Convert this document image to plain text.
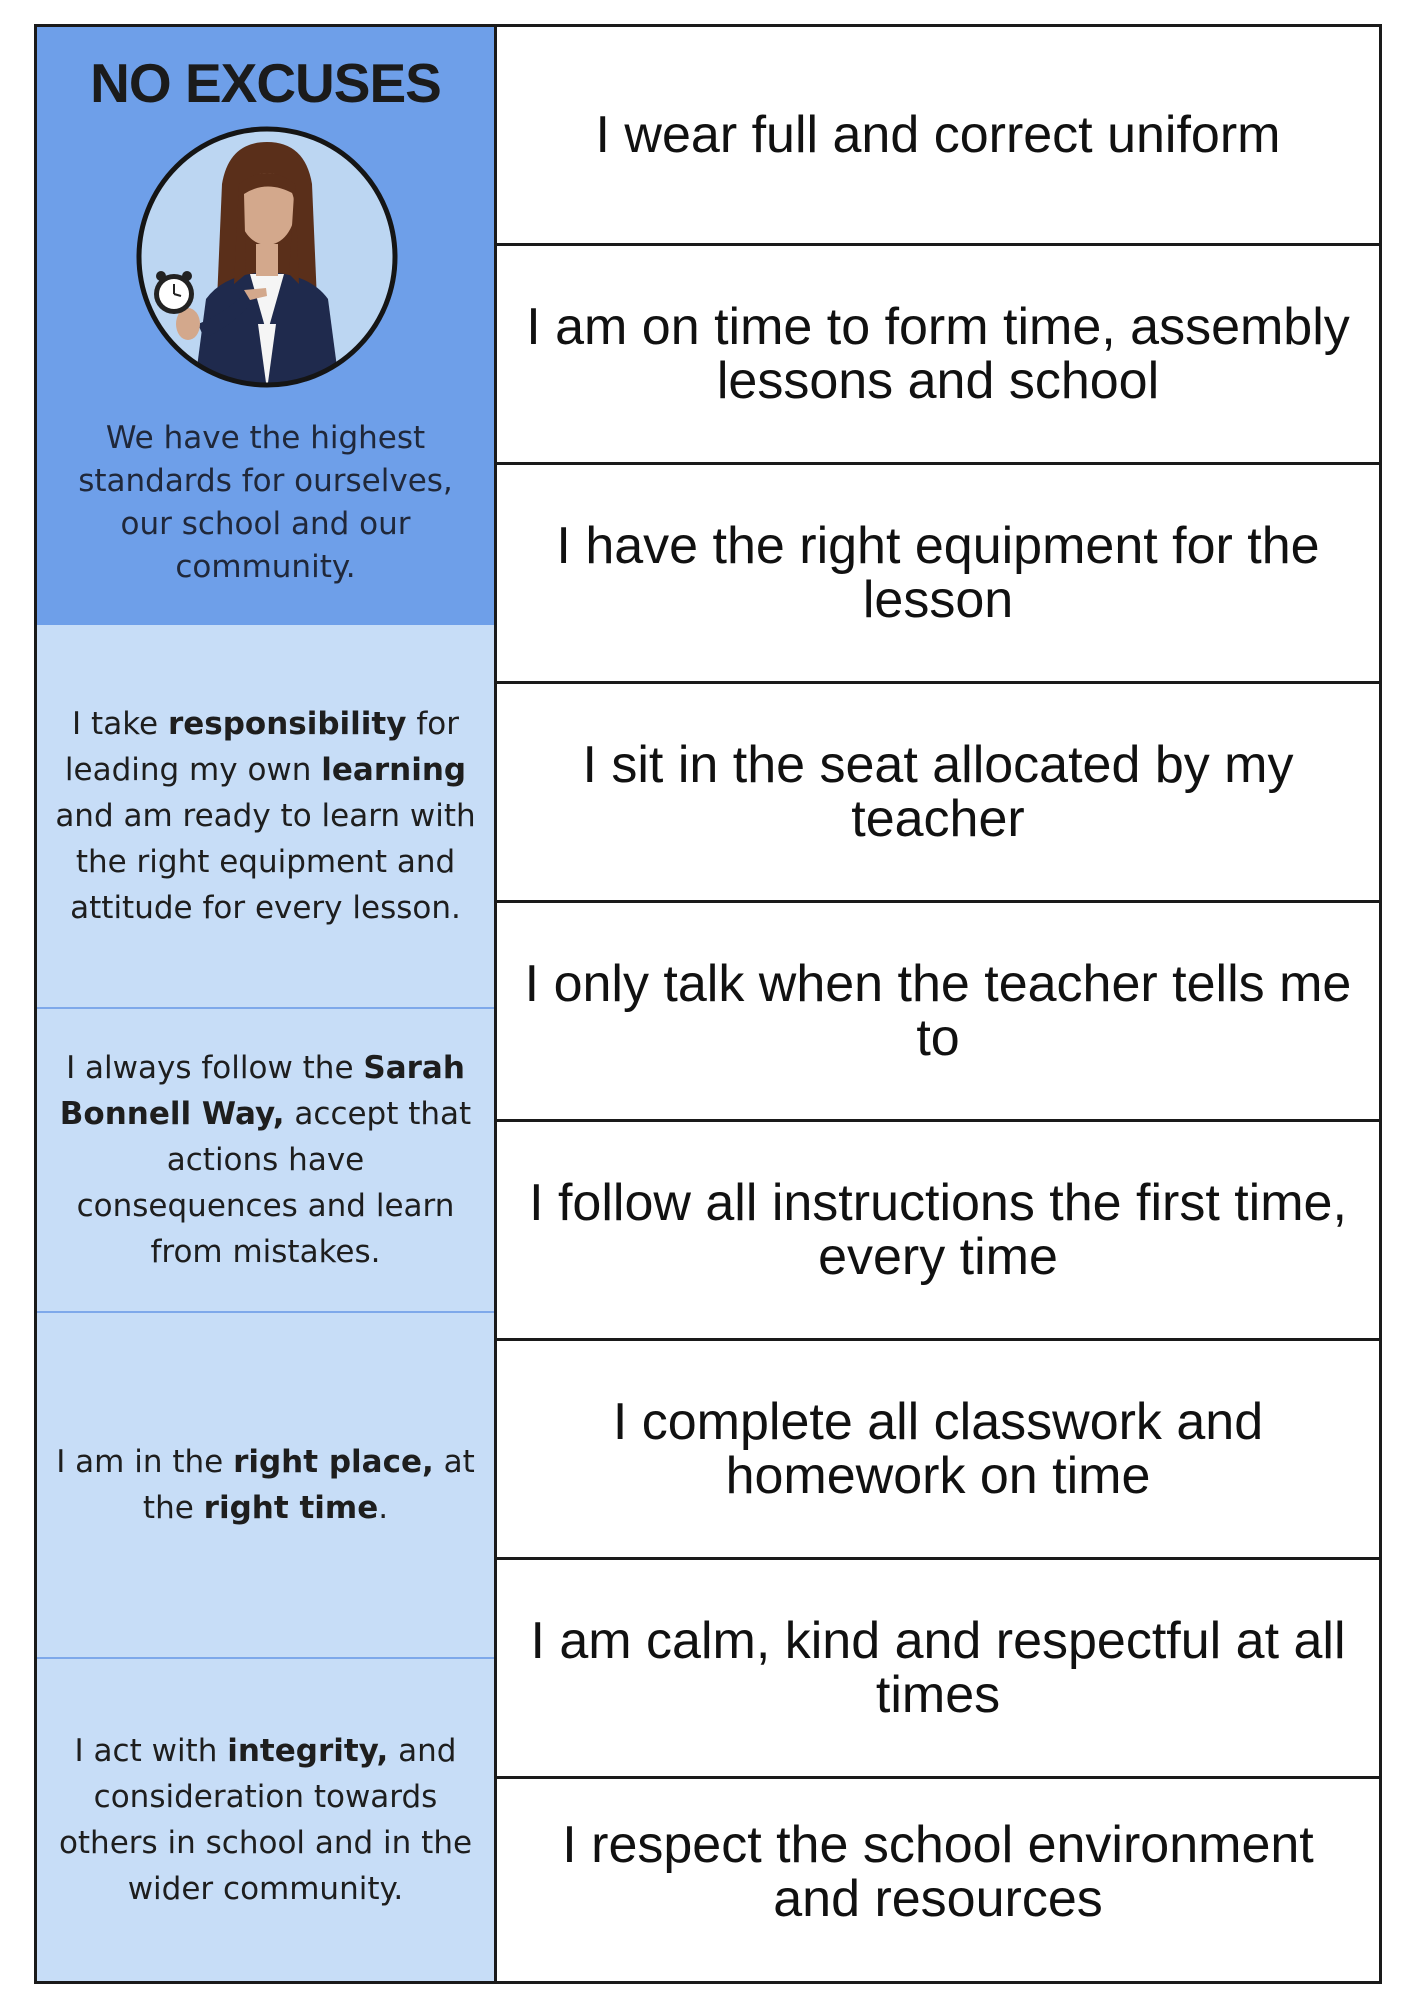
NO EXCUSES
We have the highest standards for ourselves, our school and our community.
I take responsibility for leading my own learning and am ready to learn with the right equipment and attitude for every lesson.
I always follow the Sarah Bonnell Way, accept that actions have consequences and learn from mistakes.
I am in the right place, at the right time.
I act with integrity, and consideration towards others in school and in the wider community.
I wear full and correct uniform
I am on time to form time, assembly lessons and school
I have the right equipment for the lesson
I sit in the seat allocated by my teacher
I only talk when the teacher tells me to
I follow all instructions the first time, every time
I complete all classwork and homework on time
I am calm, kind and respectful at all times
I respect the school environment and resources
